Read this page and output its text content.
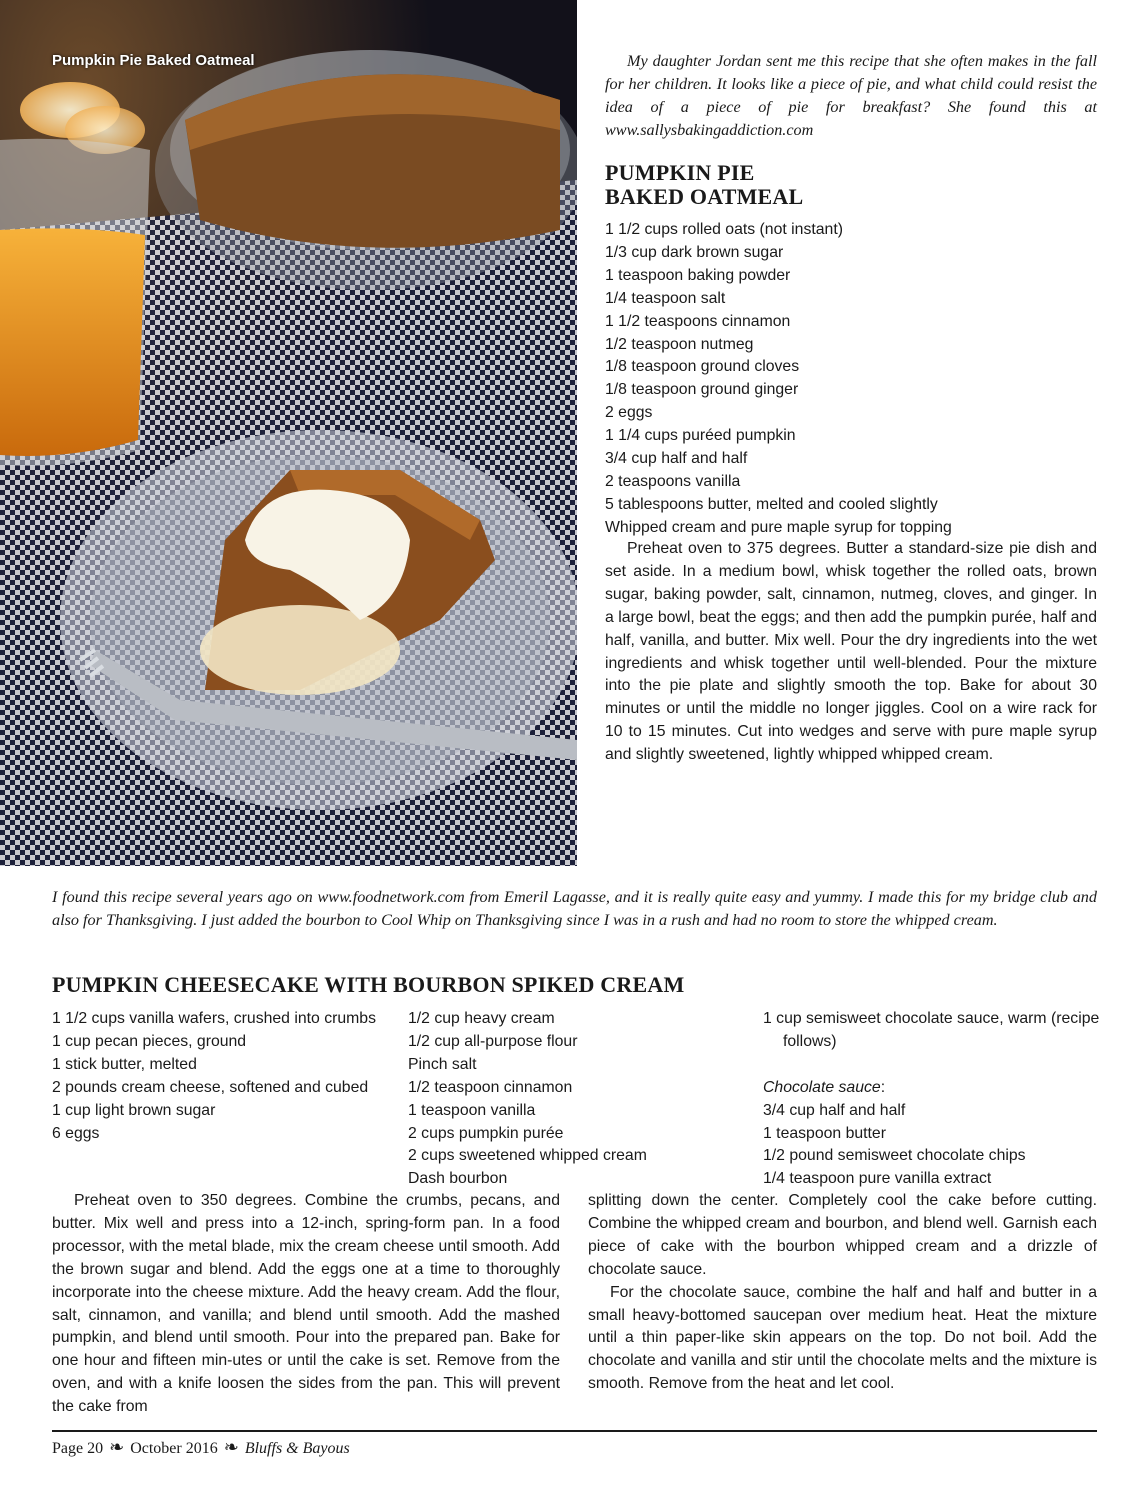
Pumpkin Pie Baked Oatmeal	My daughter Jordan sent me this recipe that she often makes in the fall for her children. It looks like a piece of pie, and what child could resist the idea of a piece of pie for breakfast? She found this at www.sallysbakingaddiction.com

PUMPKIN PIE
BAKED OATMEAL
1 1/2 cups rolled oats (not instant)
1/3 cup dark brown sugar
1 teaspoon baking powder
1/4 teaspoon salt
1 1/2 teaspoons cinnamon
1/2 teaspoon nutmeg
1/8 teaspoon ground cloves
1/8 teaspoon ground ginger
2 eggs
1 1/4 cups puréed pumpkin
3/4 cup half and half
2 teaspoons vanilla
5 tablespoons butter, melted and cooled slightly
Whipped cream and pure maple syrup for topping

Preheat oven to 375 degrees. Butter a standard-size pie dish and set aside. In a medium bowl, whisk together the rolled oats, brown sugar, baking powder, salt, cinnamon, nutmeg, cloves, and ginger. In a large bowl, beat the eggs; and then add the pumpkin purée, half and half, vanilla, and butter. Mix well. Pour the dry ingredients into the wet ingredients and whisk together until well-blended. Pour the mixture into the pie plate and slightly smooth the top. Bake for about 30 minutes or until the middle no longer jiggles. Cool on a wire rack for 10 to 15 minutes. Cut into wedges and serve with pure maple syrup and slightly sweetened, lightly whipped whipped cream.

I found this recipe several years ago on www.foodnetwork.com from Emeril Lagasse, and it is really quite easy and yummy. I made this for my bridge club and also for Thanksgiving. I just added the bourbon to Cool Whip on Thanksgiving since I was in a rush and had no room to store the whipped cream.

PUMPKIN CHEESECAKE WITH BOURBON SPIKED CREAM
1 1/2 cups vanilla wafers, crushed into crumbs
1 cup pecan pieces, ground
1 stick butter, melted
2 pounds cream cheese, softened and cubed
1 cup light brown sugar
6 eggs
1/2 cup heavy cream
1/2 cup all-purpose flour
Pinch salt
1/2 teaspoon cinnamon
1 teaspoon vanilla
2 cups pumpkin purée
2 cups sweetened whipped cream
Dash bourbon
1 cup semisweet chocolate sauce, warm (recipe follows)
Chocolate sauce:
3/4 cup half and half
1 teaspoon butter
1/2 pound semisweet chocolate chips
1/4 teaspoon pure vanilla extract

Preheat oven to 350 degrees. Combine the crumbs, pecans, and butter. Mix well and press into a 12-inch, spring-form pan. In a food processor, with the metal blade, mix the cream cheese until smooth. Add the brown sugar and blend. Add the eggs one at a time to thoroughly incorporate into the cheese mixture. Add the heavy cream. Add the flour, salt, cinnamon, and vanilla; and blend until smooth. Add the mashed pumpkin, and blend until smooth. Pour into the prepared pan. Bake for one hour and fifteen min-utes or until the cake is set. Remove from the oven, and with a knife loosen the sides from the pan. This will prevent the cake from

splitting down the center. Completely cool the cake before cutting. Combine the whipped cream and bourbon, and blend well. Garnish each piece of cake with the bourbon whipped cream and a drizzle of chocolate sauce.

For the chocolate sauce, combine the half and half and butter in a small heavy-bottomed saucepan over medium heat. Heat the mixture until a thin paper-like skin appears on the top. Do not boil. Add the chocolate and vanilla and stir until the chocolate melts and the mixture is smooth. Remove from the heat and let cool.

Page 20 ❧ October 2016 ❧ Bluffs & Bayous
